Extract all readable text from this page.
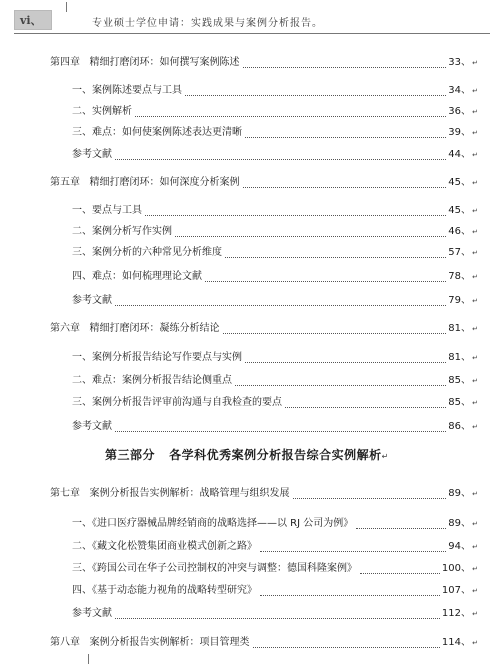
vi、	专业硕士学位申请：实践成果与案例分析报告。
第四章 精细打磨闭环：如何撰写案例陈述	33、 ↵
一、案例陈述要点与工具	34、 ↵
二、实例解析	36、 ↵
三、难点：如何使案例陈述表达更清晰	39、 ↵
参考文献	44、 ↵
第五章 精细打磨闭环：如何深度分析案例	45、 ↵
一、要点与工具	45、 ↵
二、案例分析写作实例	46、 ↵
三、案例分析的六种常见分析维度	57、 ↵
四、难点：如何梳理理论文献	78、 ↵
参考文献	79、 ↵
第六章 精细打磨闭环：凝练分析结论	81、 ↵
一、案例分析报告结论写作要点与实例	81、 ↵
二、难点：案例分析报告结论侧重点	85、 ↵
三、案例分析报告评审前沟通与自我检查的要点	85、 ↵
参考文献	86、 ↵
第七章 案例分析报告实例解析：战略管理与组织发展	89、 ↵
一、《进口医疗器械品牌经销商的战略选择——以 RJ 公司为例》	89、 ↵
二、《藏文化松赞集团商业模式创新之路》	94、 ↵
三、《跨国公司在华子公司控制权的冲突与调整：德国科隆案例》	100、 ↵
四、《基于动态能力视角的战略转型研究》	107、 ↵
参考文献	112、 ↵
第八章 案例分析报告实例解析：项目管理类	114、 ↵
第三部分 各学科优秀案例分析报告综合实例解析↵
